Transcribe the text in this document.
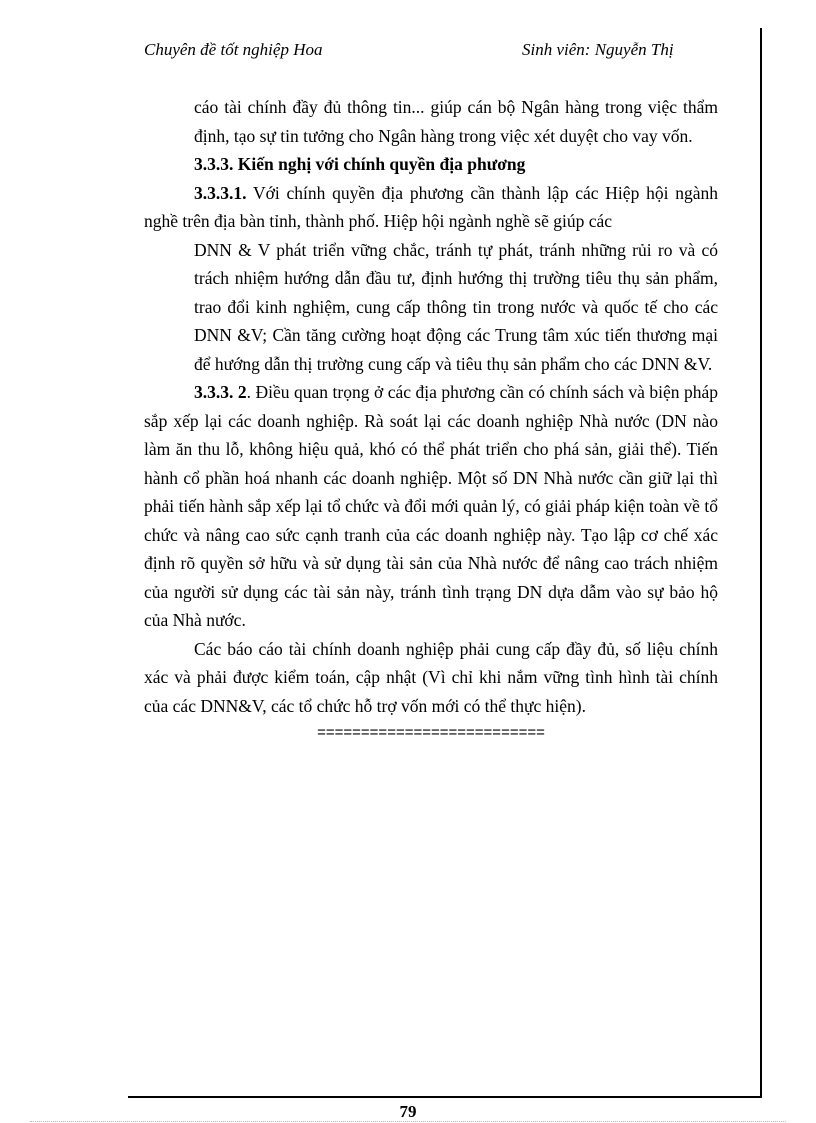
Chuyên đề tốt nghiệp Hoa	Sinh viên: Nguyễn Thị

cáo tài chính đầy đủ thông tin... giúp cán bộ Ngân hàng trong việc thẩm định, tạo sự tin tưởng cho Ngân hàng trong việc xét duyệt cho vay vốn.

3.3.3. Kiến nghị với chính quyền địa phương

3.3.3.1. Với chính quyền địa phương cần thành lập các Hiệp hội ngành nghề trên địa bàn tỉnh, thành phố. Hiệp hội ngành nghề sẽ giúp các

DNN & V phát triển vững chắc, tránh tự phát, tránh những rủi ro và có trách nhiệm hướng dẫn đầu tư, định hướng thị trường tiêu thụ sản phẩm, trao đổi kinh nghiệm, cung cấp thông tin trong nước và quốc tế cho các DNN &V; Cần tăng cường hoạt động các Trung tâm xúc tiến thương mại để hướng dẫn thị trường cung cấp và tiêu thụ sản phẩm cho các DNN &V.

3.3.3. 2. Điều quan trọng ở các địa phương cần có chính sách và biện pháp sắp xếp lại các doanh nghiệp. Rà soát lại các doanh nghiệp Nhà nước (DN nào làm ăn thu lỗ, không hiệu quả, khó có thể phát triển cho phá sản, giải thể). Tiến hành cổ phần hoá nhanh các doanh nghiệp. Một số DN Nhà nước cần giữ lại thì phải tiến hành sắp xếp lại tổ chức và đổi mới quản lý, có giải pháp kiện toàn về tổ chức và nâng cao sức cạnh tranh của các doanh nghiệp này. Tạo lập cơ chế xác định rõ quyền sở hữu và sử dụng tài sản của Nhà nước để nâng cao trách nhiệm của người sử dụng các tài sản này, tránh tình trạng DN dựa dẫm vào sự bảo hộ của Nhà nước.

Các báo cáo tài chính doanh nghiệp phải cung cấp đầy đủ, số liệu chính xác và phải được kiểm toán, cập nhật (Vì chỉ khi nắm vững tình hình tài chính của các DNN&V, các tổ chức hỗ trợ vốn mới có thể thực hiện).

==========================

79
